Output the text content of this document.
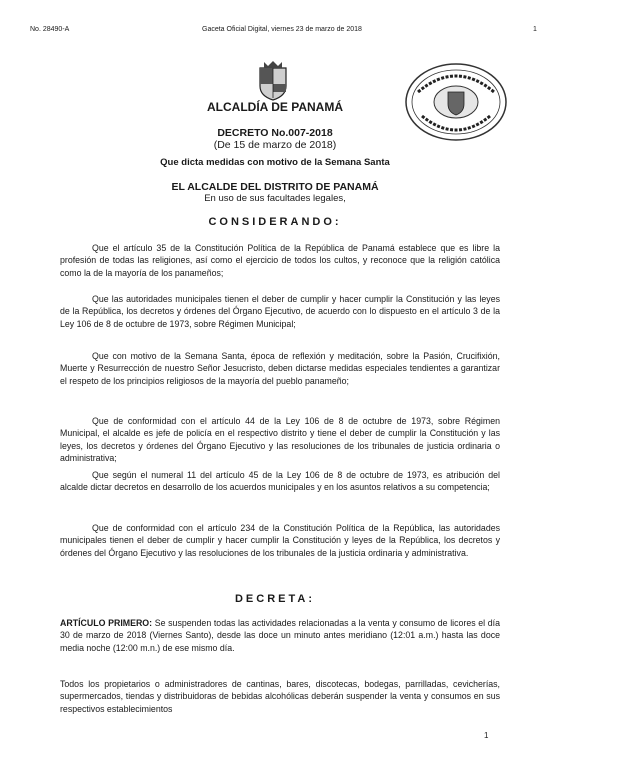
No. 28490-A	Gaceta Oficial Digital, viernes 23 de marzo de 2018	1
ALCALDÍA DE PANAMÁ
DECRETO No.007-2018
(De 15 de marzo de 2018)
Que dicta medidas con motivo de la Semana Santa
EL ALCALDE DEL DISTRITO DE PANAMÁ
En uso de sus facultades legales,
CONSIDERANDO:
Que el artículo 35 de la Constitución Política de la República de Panamá establece que es libre la profesión de todas las religiones, así como el ejercicio de todos los cultos, y reconoce que la religión católica como la de la mayoría de los panameños;
Que las autoridades municipales tienen el deber de cumplir y hacer cumplir la Constitución y las leyes de la República, los decretos y órdenes del Órgano Ejecutivo, de acuerdo con lo dispuesto en el artículo 3 de la Ley 106 de 8 de octubre de 1973, sobre Régimen Municipal;
Que con motivo de la Semana Santa, época de reflexión y meditación, sobre la Pasión, Crucifixión, Muerte y Resurrección de nuestro Señor Jesucristo, deben dictarse medidas especiales tendientes a garantizar el respeto de los principios religiosos de la mayoría del pueblo panameño;
Que de conformidad con el artículo 44 de la Ley 106 de 8 de octubre de 1973, sobre Régimen Municipal, el alcalde es jefe de policía en el respectivo distrito y tiene el deber de cumplir la Constitución y las leyes, los decretos y órdenes del Órgano Ejecutivo y las resoluciones de los tribunales de justicia ordinaria o administrativa;
Que según el numeral 11 del artículo 45 de la Ley 106 de 8 de octubre de 1973, es atribución del alcalde dictar decretos en desarrollo de los acuerdos municipales y en los asuntos relativos a su competencia;
Que de conformidad con el artículo 234 de la Constitución Política de la República, las autoridades municipales tienen el deber de cumplir y hacer cumplir la Constitución y leyes de la República, los decretos y órdenes del Órgano Ejecutivo y las resoluciones de los tribunales de la justicia ordinaria y administrativa.
DECRETA:
ARTÍCULO PRIMERO: Se suspenden todas las actividades relacionadas a la venta y consumo de licores el día 30 de marzo de 2018 (Viernes Santo), desde las doce un minuto antes meridiano (12:01 a.m.) hasta las doce media noche (12:00 m.n.) de ese mismo día.
Todos los propietarios o administradores de cantinas, bares, discotecas, bodegas, parrilladas, cevicherías, supermercados, tiendas y distribuidoras de bebidas alcohólicas deberán suspender la venta y consumos en sus respectivos establecimientos
1
